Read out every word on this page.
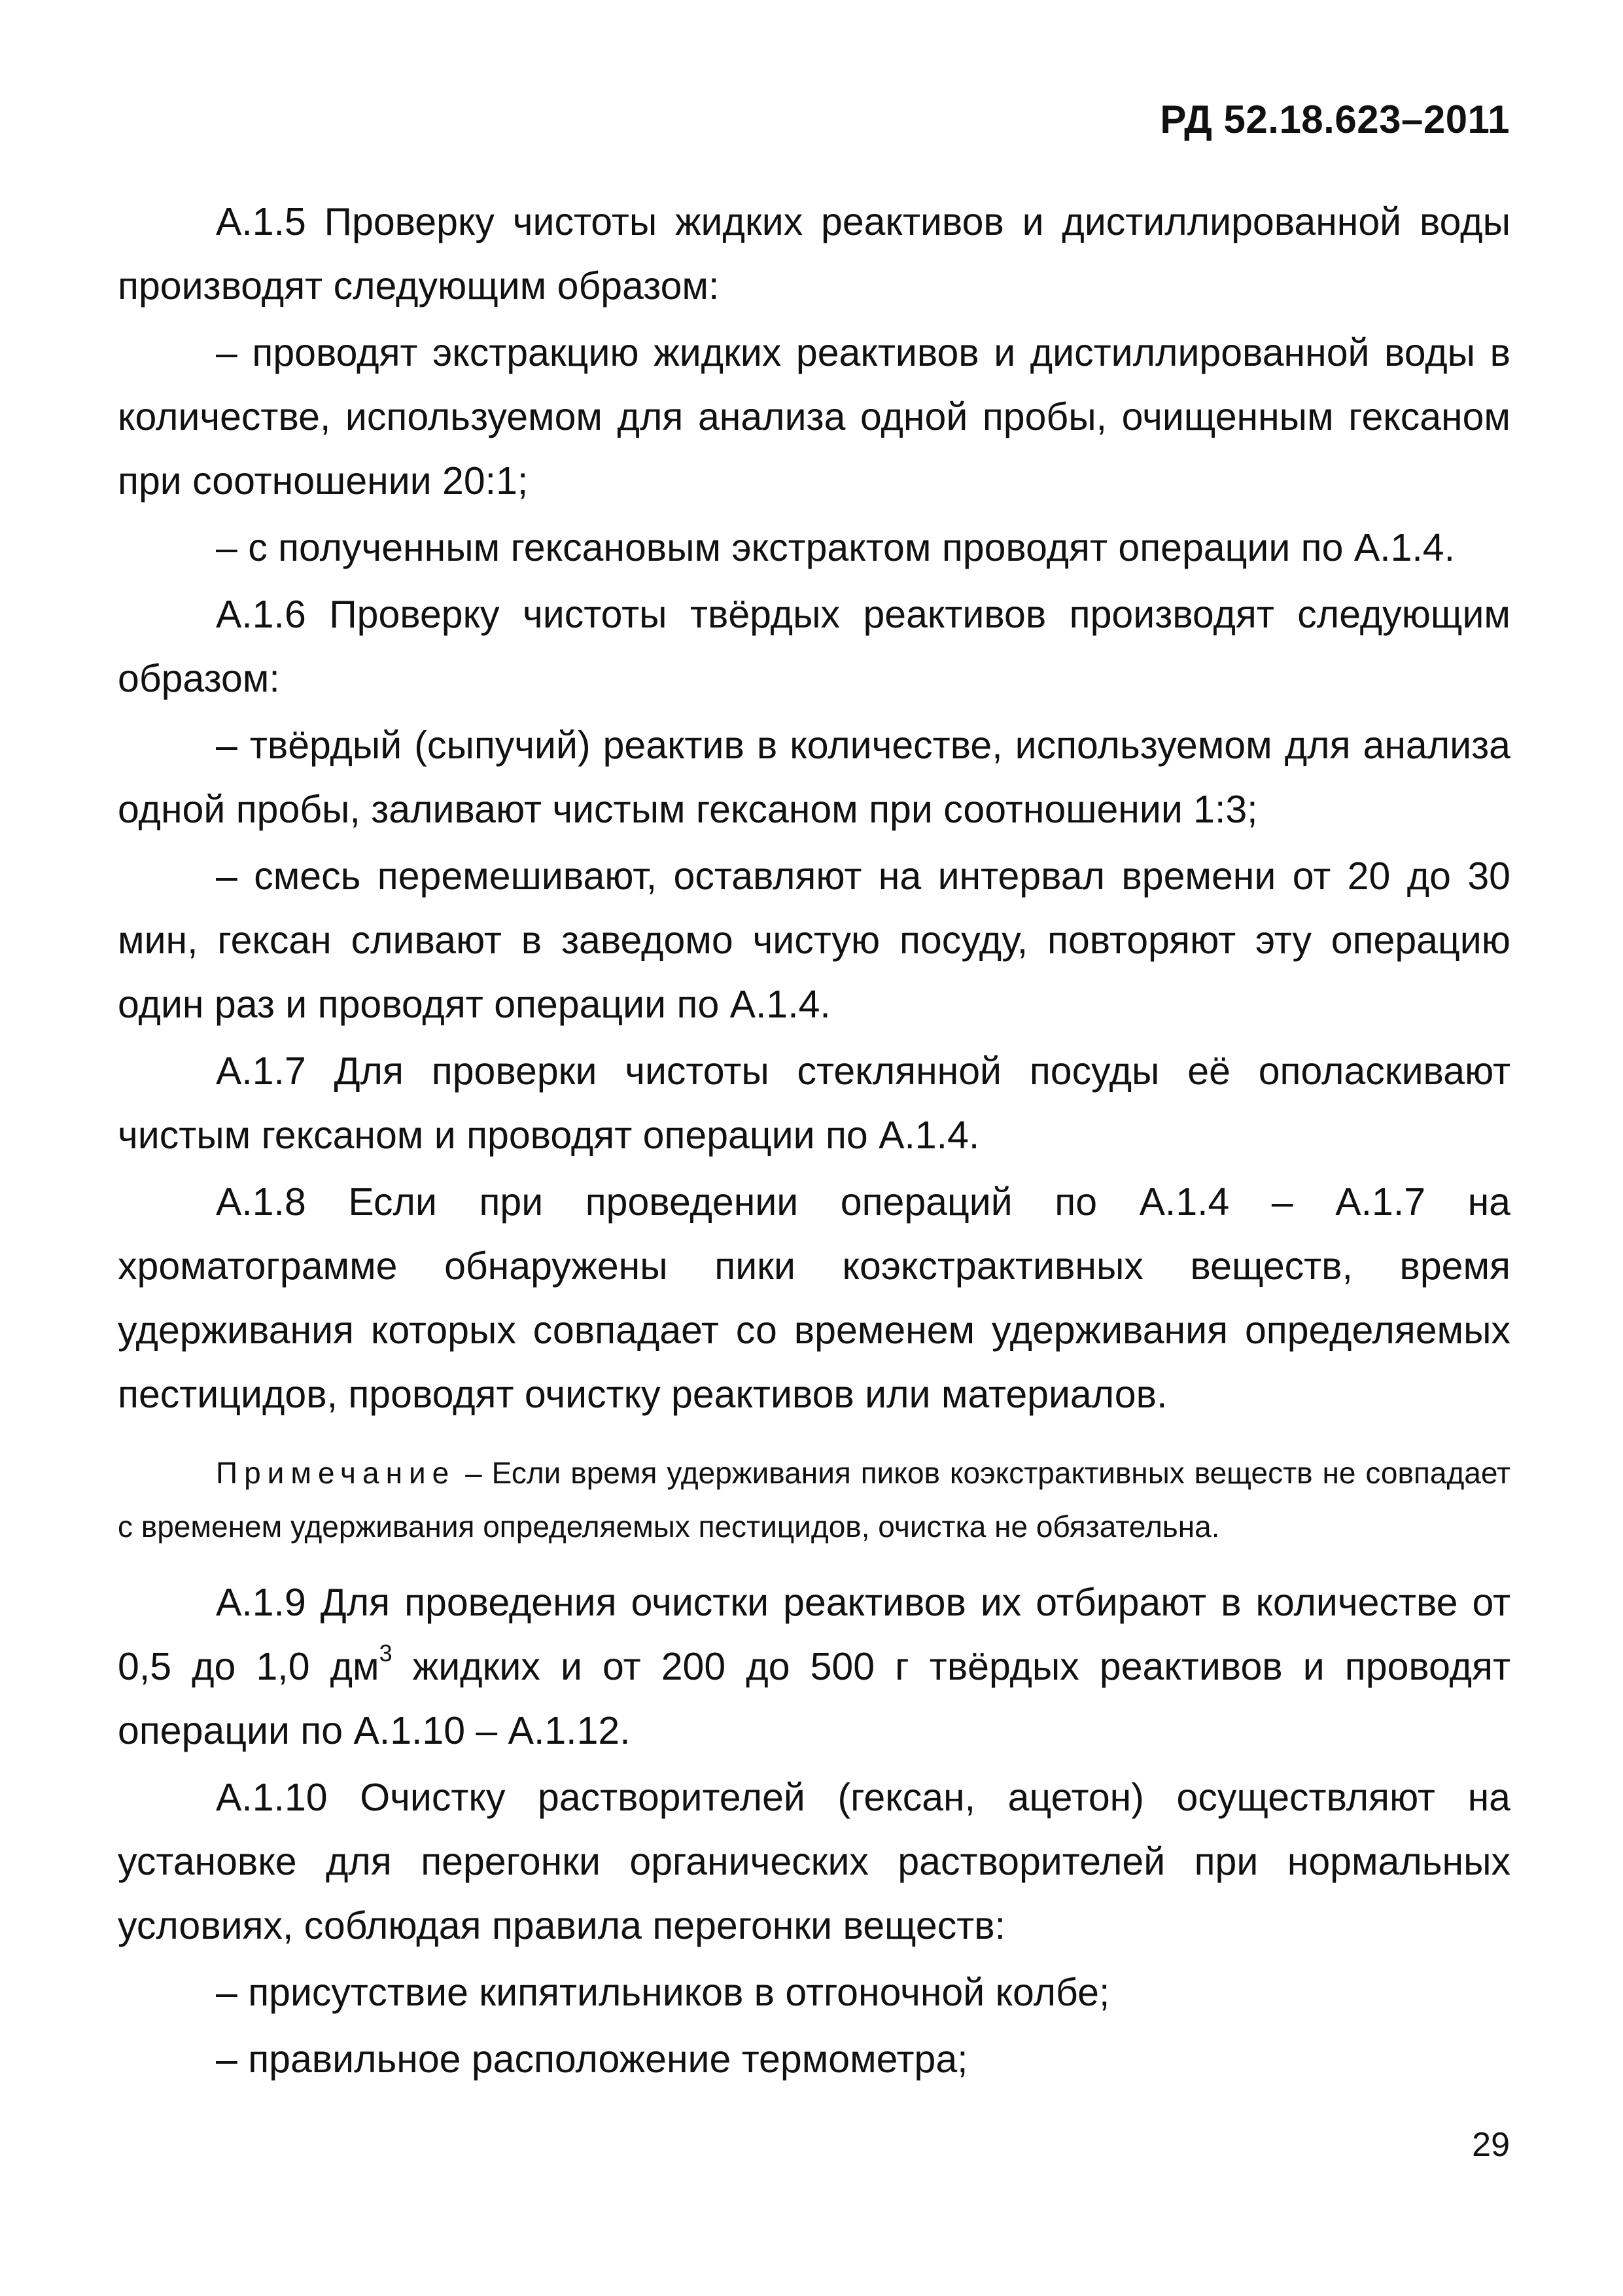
РД 52.18.623–2011

А.1.5 Проверку чистоты жидких реактивов и дистиллированной воды производят следующим образом:

– проводят экстракцию жидких реактивов и дистиллированной воды в количестве, используемом для анализа одной пробы, очищенным гексаном при соотношении 20:1;

– с полученным гексановым экстрактом проводят операции по А.1.4.

А.1.6 Проверку чистоты твёрдых реактивов производят следующим образом:

– твёрдый (сыпучий) реактив в количестве, используемом для анализа одной пробы, заливают чистым гексаном при соотношении 1:3;

– смесь перемешивают, оставляют на интервал времени от 20 до 30 мин, гексан сливают в заведомо чистую посуду, повторяют эту операцию один раз и проводят операции по А.1.4.

А.1.7 Для проверки чистоты стеклянной посуды её ополаскивают чистым гексаном и проводят операции по А.1.4.

А.1.8 Если при проведении операций по А.1.4 – А.1.7 на хроматограмме обнаружены пики коэкстрактивных веществ, время удерживания которых совпадает со временем удерживания определяемых пестицидов, проводят очистку реактивов или материалов.

Примечание – Если время удерживания пиков коэкстрактивных веществ не совпадает с временем удерживания определяемых пестицидов, очистка не обязательна.

А.1.9 Для проведения очистки реактивов их отбирают в количестве от 0,5 до 1,0 $дм^3$ жидких и от 200 до 500 г твёрдых реактивов и проводят операции по А.1.10 – А.1.12.

А.1.10 Очистку растворителей (гексан, ацетон) осуществляют на установке для перегонки органических растворителей при нормальных условиях, соблюдая правила перегонки веществ:

– присутствие кипятильников в отгоночной колбе;

– правильное расположение термометра;

29
